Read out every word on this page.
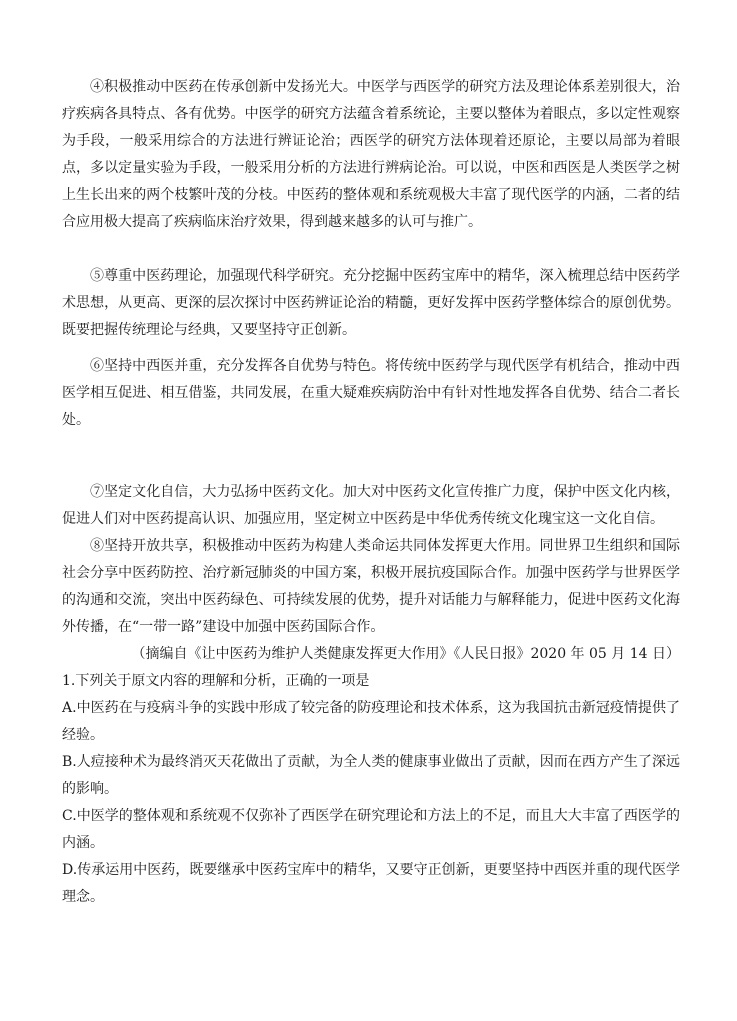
④积极推动中医药在传承创新中发扬光大。中医学与西医学的研究方法及理论体系差别很大，治疗疾病各具特点、各有优势。中医学的研究方法蕴含着系统论，主要以整体为着眼点，多以定性观察为手段，一般采用综合的方法进行辨证论治；西医学的研究方法体现着还原论，主要以局部为着眼点，多以定量实验为手段，一般采用分析的方法进行辨病论治。可以说，中医和西医是人类医学之树上生长出来的两个枝繁叶茂的分枝。中医药的整体观和系统观极大丰富了现代医学的内涵，二者的结合应用极大提高了疾病临床治疗效果，得到越来越多的认可与推广。

⑤尊重中医药理论，加强现代科学研究。充分挖掘中医药宝库中的精华，深入梳理总结中医药学术思想，从更高、更深的层次探讨中医药辨证论治的精髓，更好发挥中医药学整体综合的原创优势。既要把握传统理论与经典，又要坚持守正创新。

⑥坚持中西医并重，充分发挥各自优势与特色。将传统中医药学与现代医学有机结合，推动中西医学相互促进、相互借鉴，共同发展，在重大疑难疾病防治中有针对性地发挥各自优势、结合二者长处。

⑦坚定文化自信，大力弘扬中医药文化。加大对中医药文化宣传推广力度，保护中医文化内核，促进人们对中医药提高认识、加强应用，坚定树立中医药是中华优秀传统文化瑰宝这一文化自信。

⑧坚持开放共享，积极推动中医药为构建人类命运共同体发挥更大作用。同世界卫生组织和国际社会分享中医药防控、治疗新冠肺炎的中国方案，积极开展抗疫国际合作。加强中医药学与世界医学的沟通和交流，突出中医药绿色、可持续发展的优势，提升对话能力与解释能力，促进中医药文化海外传播，在“一带一路”建设中加强中医药国际合作。

（摘编自《让中医药为维护人类健康发挥更大作用》《人民日报》2020 年 05 月 14 日）

1.下列关于原文内容的理解和分析，正确的一项是

A.中医药在与疫病斗争的实践中形成了较完备的防疫理论和技术体系，这为我国抗击新冠疫情提供了经验。

B.人痘接种术为最终消灭天花做出了贡献，为全人类的健康事业做出了贡献，因而在西方产生了深远的影响。

C.中医学的整体观和系统观不仅弥补了西医学在研究理论和方法上的不足，而且大大丰富了西医学的内涵。

D.传承运用中医药，既要继承中医药宝库中的精华，又要守正创新，更要坚持中西医并重的现代医学理念。
